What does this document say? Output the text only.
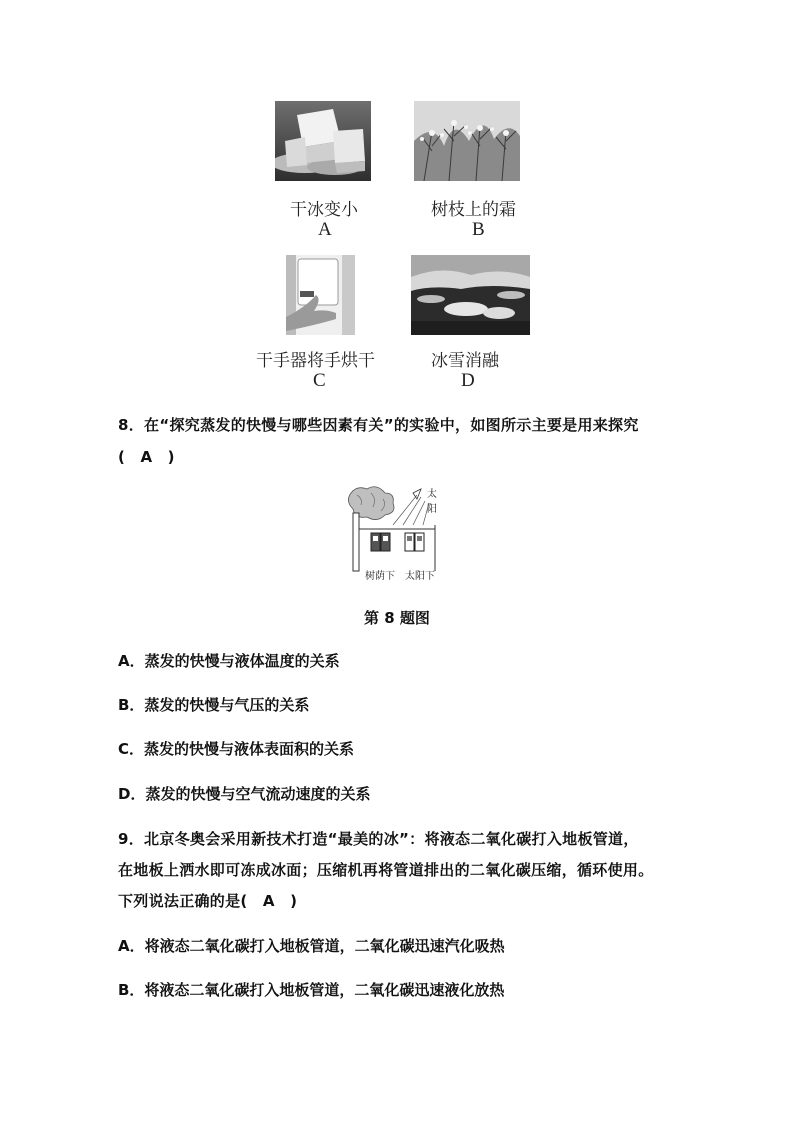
干冰变小
A
树枝上的霜
B
干手器将手烘干
C
冰雪消融
D
8．在“探究蒸发的快慢与哪些因素有关”的实验中，如图所示主要是用来探究
(　A　)
太阳
树荫下 太阳下
第 8 题图
A．蒸发的快慢与液体温度的关系
B．蒸发的快慢与气压的关系
C．蒸发的快慢与液体表面积的关系
D．蒸发的快慢与空气流动速度的关系
9．北京冬奥会采用新技术打造“最美的冰”：将液态二氧化碳打入地板管道，
在地板上洒水即可冻成冰面；压缩机再将管道排出的二氧化碳压缩，循环使用。
下列说法正确的是(　A　)
A．将液态二氧化碳打入地板管道，二氧化碳迅速汽化吸热
B．将液态二氧化碳打入地板管道，二氧化碳迅速液化放热
